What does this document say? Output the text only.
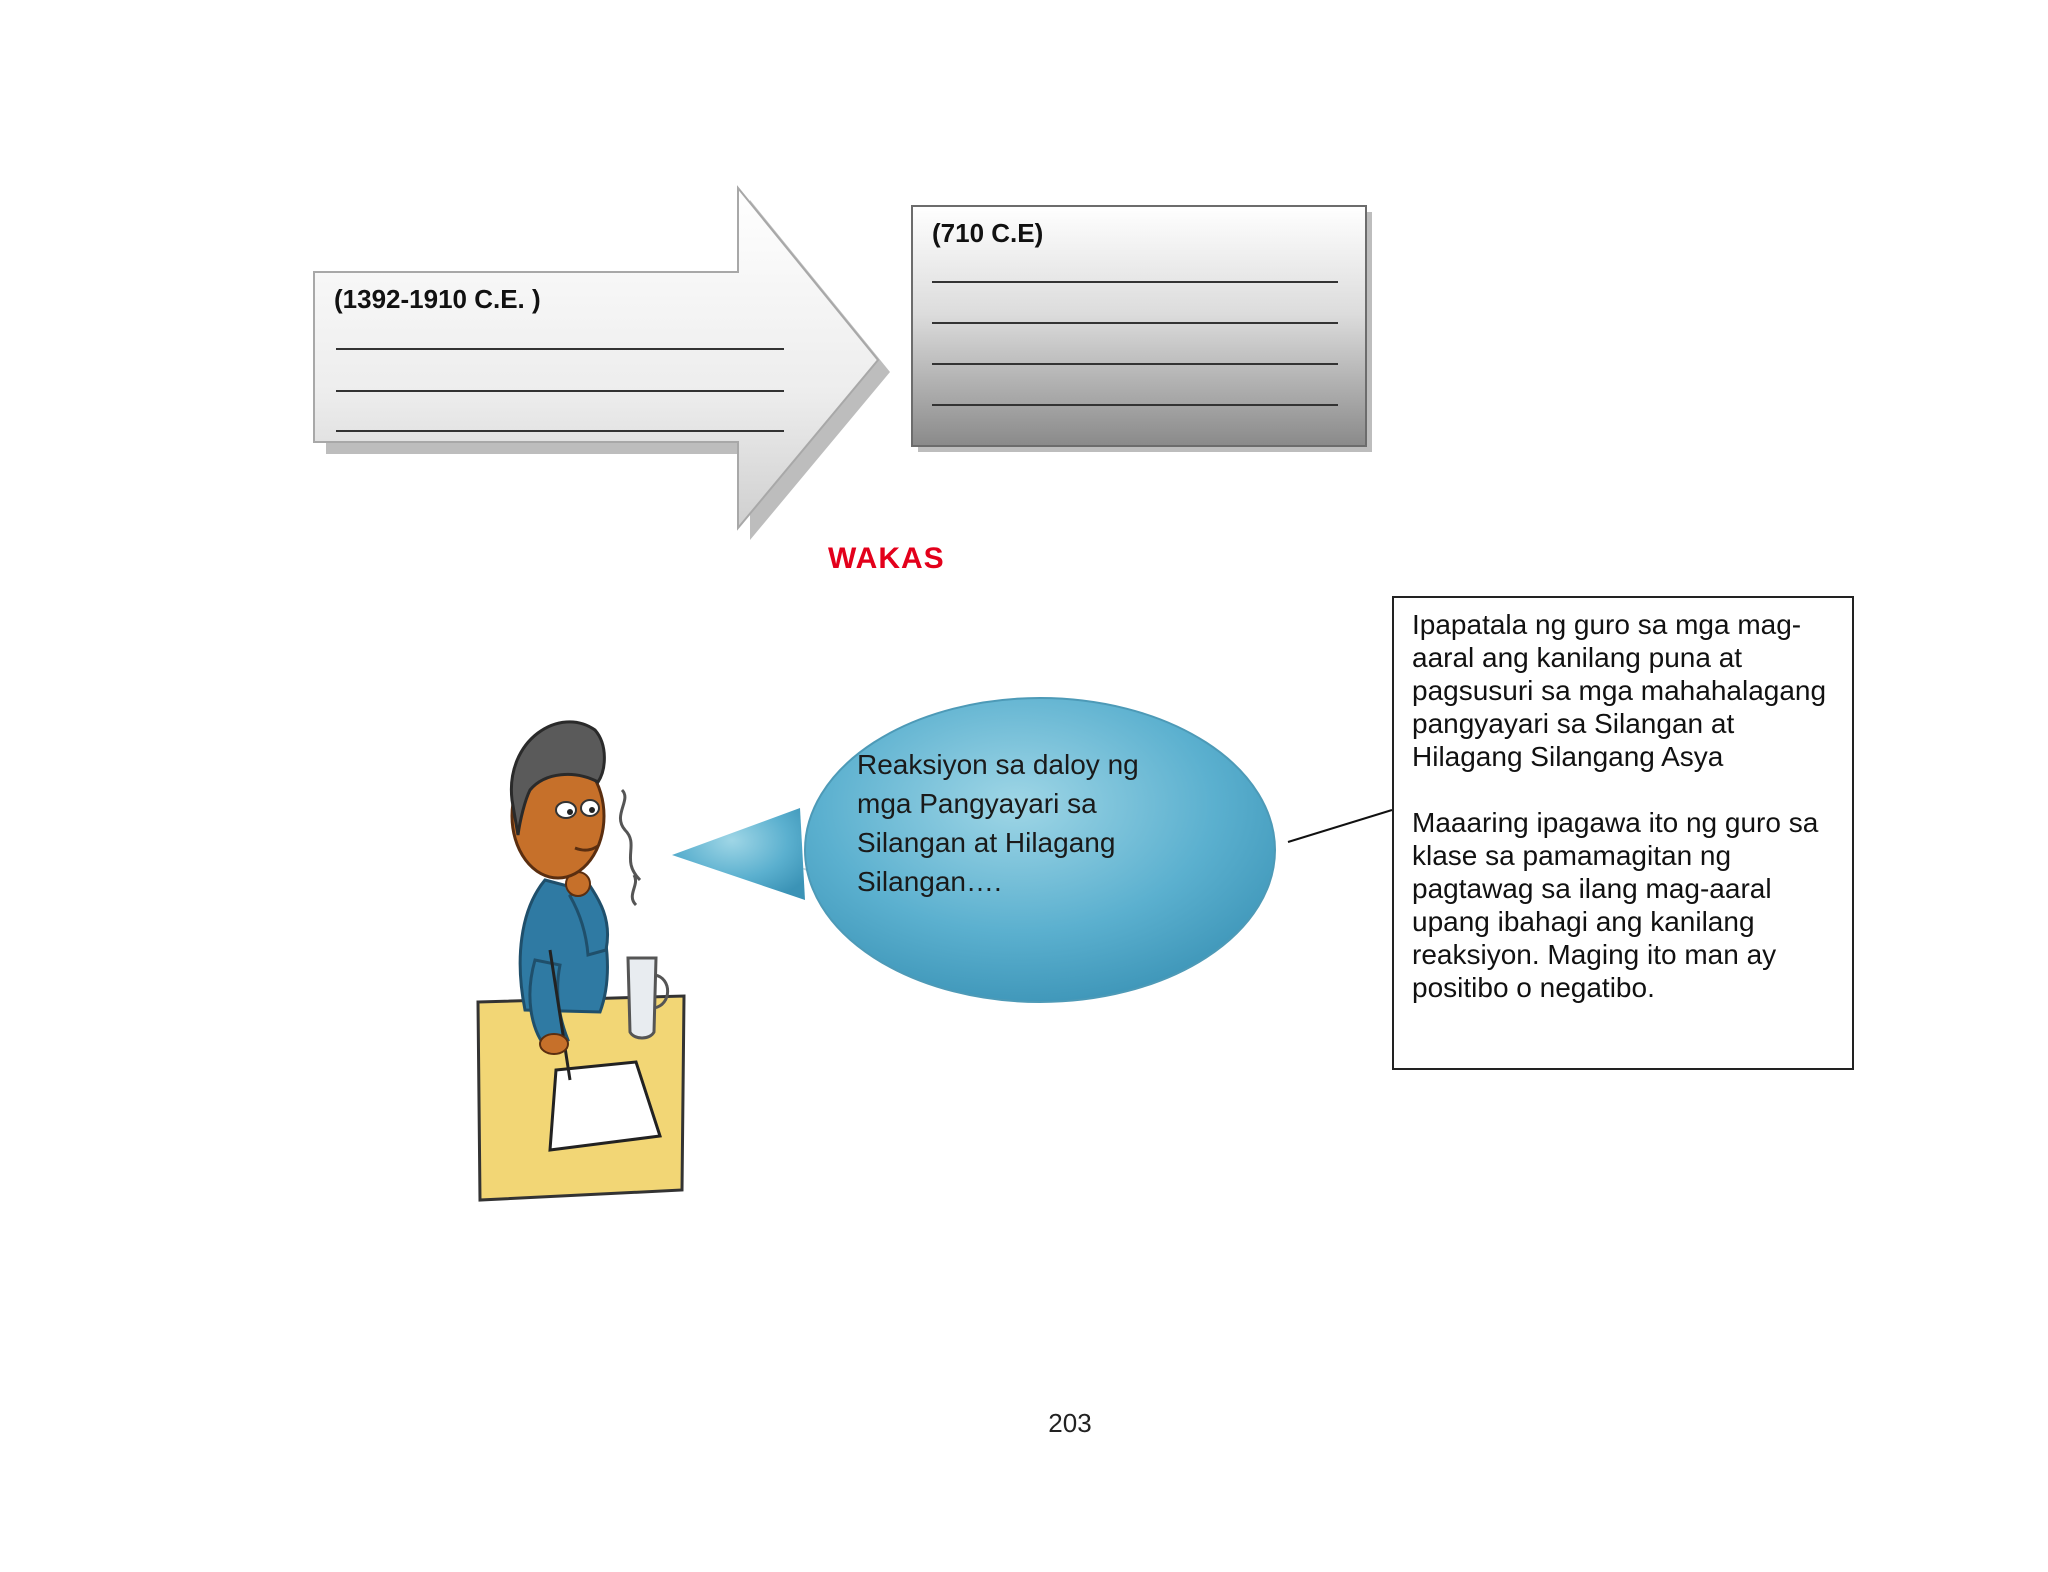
(1392-1910 C.E. )
(710 C.E)
WAKAS
Reaksiyon sa daloy ng mga Pangyayari sa Silangan at Hilagang Silangan….

Ipapatala ng guro sa mga mag-aaral ang kanilang puna at pagsusuri sa mga mahahalagang pangyayari sa Silangan at Hilagang Silangang Asya

Maaaring ipagawa ito ng guro sa klase sa pamamagitan ng pagtawag sa ilang mag-aaral upang ibahagi ang kanilang reaksiyon. Maging ito man ay positibo o negatibo.

203
